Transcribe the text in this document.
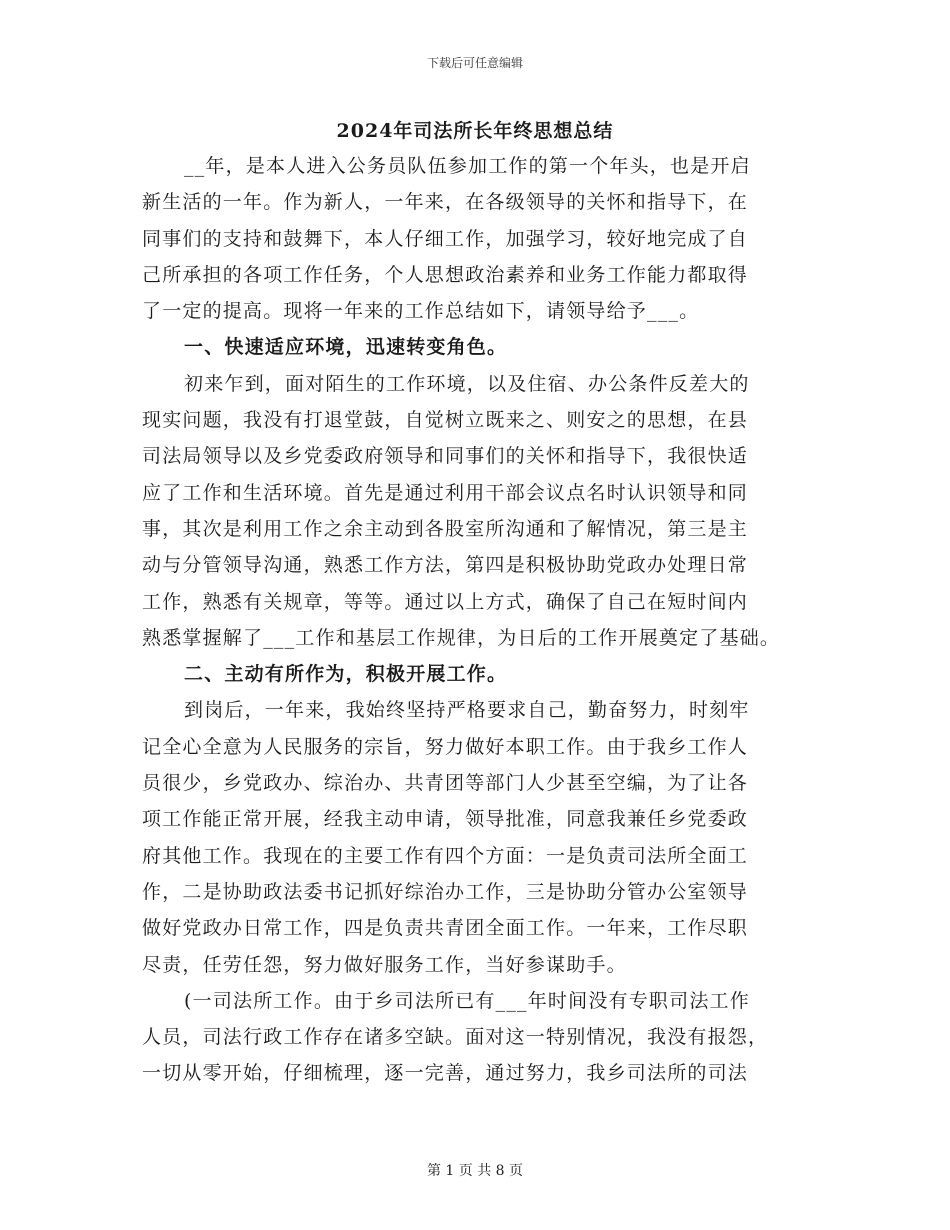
下载后可任意编辑
2024年司法所长年终思想总结
__年，是本人进入公务员队伍参加工作的第一个年头，也是开启
新生活的一年。作为新人，一年来，在各级领导的关怀和指导下，在
同事们的支持和鼓舞下，本人仔细工作，加强学习，较好地完成了自
己所承担的各项工作任务，个人思想政治素养和业务工作能力都取得
了一定的提高。现将一年来的工作总结如下，请领导给予___。
一、快速适应环境，迅速转变角色。
初来乍到，面对陌生的工作环境，以及住宿、办公条件反差大的
现实问题，我没有打退堂鼓，自觉树立既来之、则安之的思想，在县
司法局领导以及乡党委政府领导和同事们的关怀和指导下，我很快适
应了工作和生活环境。首先是通过利用干部会议点名时认识领导和同
事，其次是利用工作之余主动到各股室所沟通和了解情况，第三是主
动与分管领导沟通，熟悉工作方法，第四是积极协助党政办处理日常
工作，熟悉有关规章，等等。通过以上方式，确保了自己在短时间内
熟悉掌握解了___工作和基层工作规律，为日后的工作开展奠定了基础。
二、主动有所作为，积极开展工作。
到岗后，一年来，我始终坚持严格要求自己，勤奋努力，时刻牢
记全心全意为人民服务的宗旨，努力做好本职工作。由于我乡工作人
员很少，乡党政办、综治办、共青团等部门人少甚至空编，为了让各
项工作能正常开展，经我主动申请，领导批准，同意我兼任乡党委政
府其他工作。我现在的主要工作有四个方面：一是负责司法所全面工
作，二是协助政法委书记抓好综治办工作，三是协助分管办公室领导
做好党政办日常工作，四是负责共青团全面工作。一年来，工作尽职
尽责，任劳任怨，努力做好服务工作，当好参谋助手。
(一司法所工作。由于乡司法所已有___年时间没有专职司法工作
人员，司法行政工作存在诸多空缺。面对这一特别情况，我没有报怨，
一切从零开始，仔细梳理，逐一完善，通过努力，我乡司法所的司法
第 1 页 共 8 页
